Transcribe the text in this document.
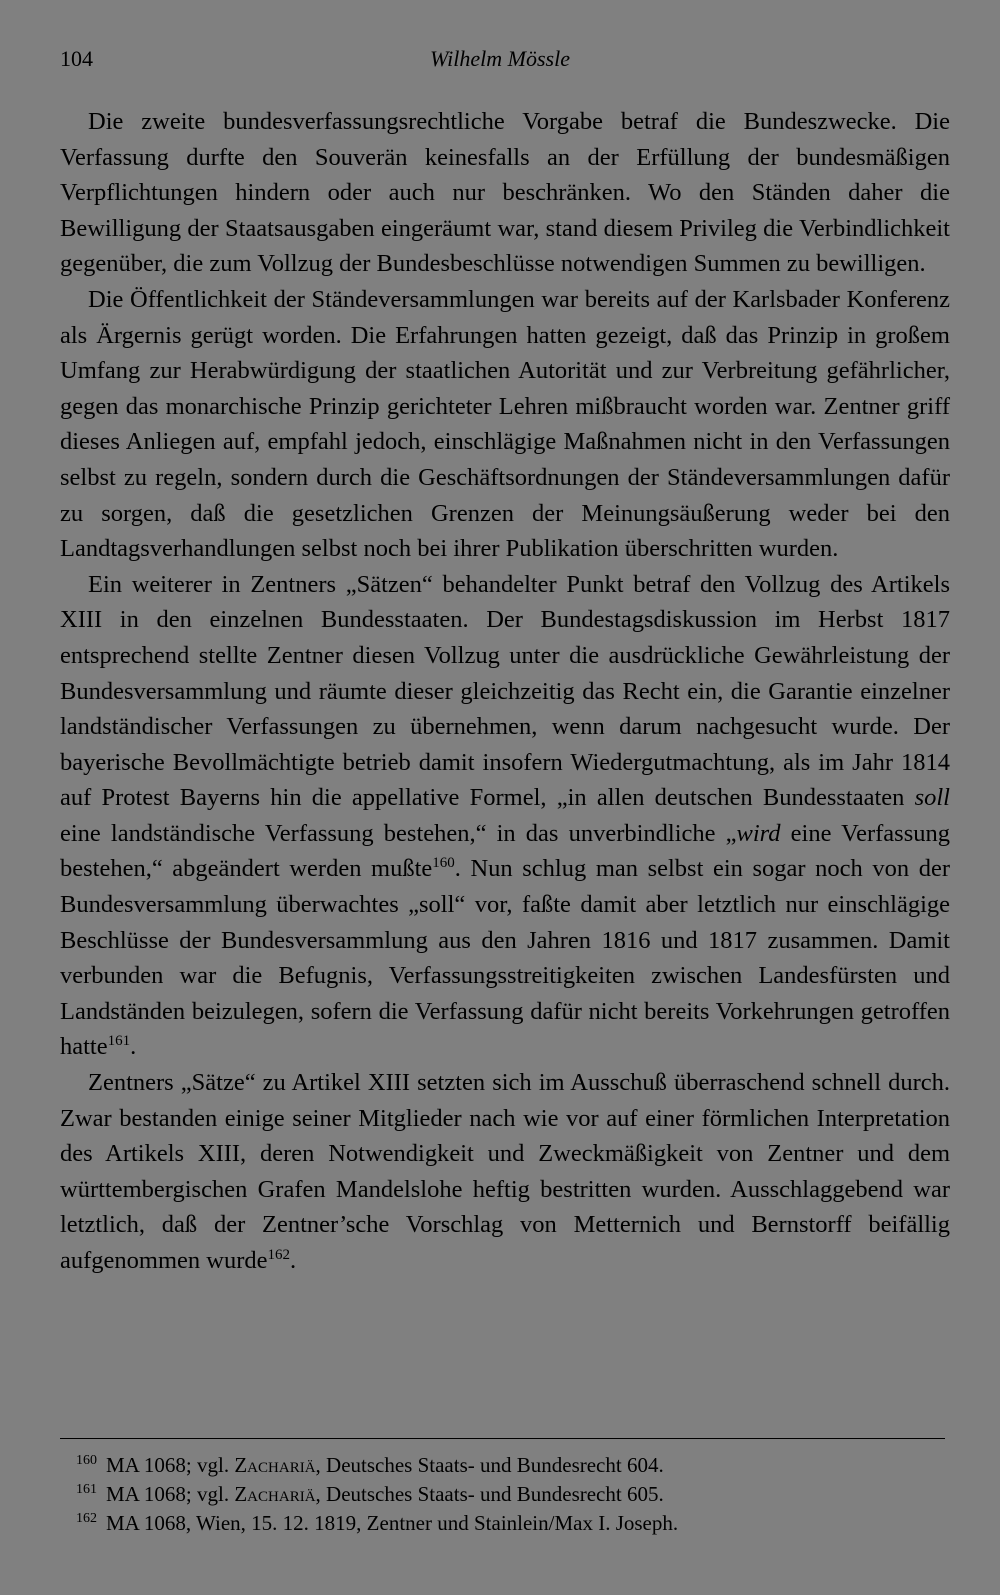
104	Wilhelm Mössle

Die zweite bundesverfassungsrechtliche Vorgabe betraf die Bundeszwecke. Die Verfassung durfte den Souverän keinesfalls an der Erfüllung der bundesmäßigen Verpflichtungen hindern oder auch nur beschränken. Wo den Ständen daher die Bewilligung der Staatsausgaben eingeräumt war, stand diesem Privileg die Verbindlichkeit gegenüber, die zum Vollzug der Bundesbeschlüsse notwendigen Summen zu bewilligen.

Die Öffentlichkeit der Ständeversammlungen war bereits auf der Karlsbader Konferenz als Ärgernis gerügt worden. Die Erfahrungen hatten gezeigt, daß das Prinzip in großem Umfang zur Herabwürdigung der staatlichen Autorität und zur Verbreitung gefährlicher, gegen das monarchische Prinzip gerichteter Lehren mißbraucht worden war. Zentner griff dieses Anliegen auf, empfahl jedoch, einschlägige Maßnahmen nicht in den Verfassungen selbst zu regeln, sondern durch die Geschäftsordnungen der Ständeversammlungen dafür zu sorgen, daß die gesetzlichen Grenzen der Meinungsäußerung weder bei den Landtagsverhandlungen selbst noch bei ihrer Publikation überschritten wurden.

Ein weiterer in Zentners „Sätzen“ behandelter Punkt betraf den Vollzug des Artikels XIII in den einzelnen Bundesstaaten. Der Bundestagsdiskussion im Herbst 1817 entsprechend stellte Zentner diesen Vollzug unter die ausdrückliche Gewährleistung der Bundesversammlung und räumte dieser gleichzeitig das Recht ein, die Garantie einzelner landständischer Verfassungen zu übernehmen, wenn darum nachgesucht wurde. Der bayerische Bevollmächtigte betrieb damit insofern Wiedergutmachtung, als im Jahr 1814 auf Protest Bayerns hin die appellative Formel, „in allen deutschen Bundesstaaten soll eine landständische Verfassung bestehen,“ in das unverbindliche „wird eine Verfassung bestehen,“ abgeändert werden mußte$^{160}$. Nun schlug man selbst ein sogar noch von der Bundesversammlung überwachtes „soll“ vor, faßte damit aber letztlich nur einschlägige Beschlüsse der Bundesversammlung aus den Jahren 1816 und 1817 zusammen. Damit verbunden war die Befugnis, Verfassungsstreitigkeiten zwischen Landesfürsten und Landständen beizulegen, sofern die Verfassung dafür nicht bereits Vorkehrungen getroffen hatte$^{161}$.

Zentners „Sätze“ zu Artikel XIII setzten sich im Ausschuß überraschend schnell durch. Zwar bestanden einige seiner Mitglieder nach wie vor auf einer förmlichen Interpretation des Artikels XIII, deren Notwendigkeit und Zweckmäßigkeit von Zentner und dem württembergischen Grafen Mandelslohe heftig bestritten wurden. Ausschlaggebend war letztlich, daß der Zentner’sche Vorschlag von Metternich und Bernstorff beifällig aufgenommen wurde$^{162}$.

160 MA 1068; vgl. Zachariä, Deutsches Staats- und Bundesrecht 604.

161 MA 1068; vgl. Zachariä, Deutsches Staats- und Bundesrecht 605.

162 MA 1068, Wien, 15. 12. 1819, Zentner und Stainlein/Max I. Joseph.
